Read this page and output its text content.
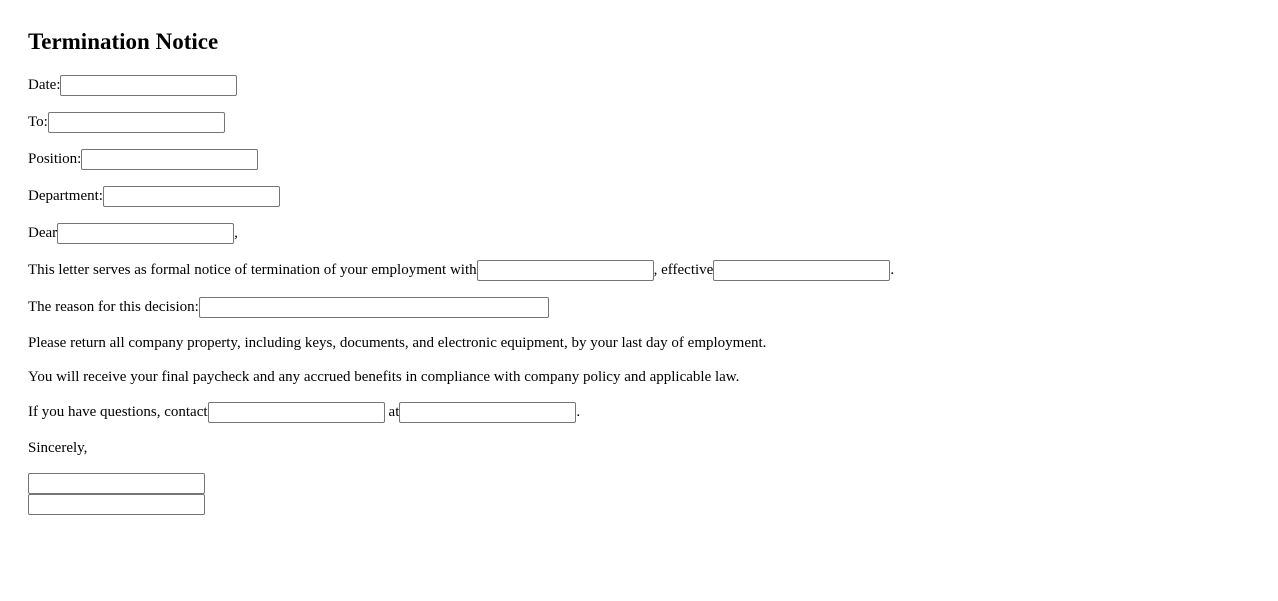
Termination Notice
Date:
To:
Position:
Department:
Dear	,
This letter serves as formal notice of termination of your employment with	, effective	.
The reason for this decision:
Please return all company property, including keys, documents, and electronic equipment, by your last day of employment.
You will receive your final paycheck and any accrued benefits in compliance with company policy and applicable law.
If you have questions, contact	at	.
Sincerely,
